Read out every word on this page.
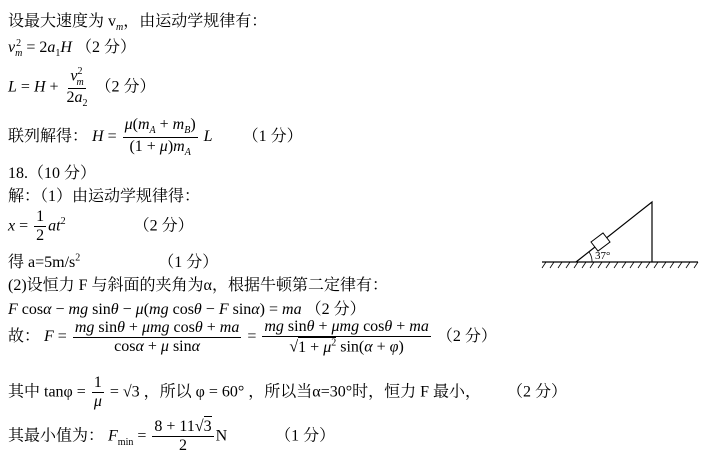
设最大速度为 $v_m$，由运动学规律有：
$v^2_m = 2a_1H$ （2 分）
$L = H + \frac{v^2_m}{2a_2} (2$ 分）
联列解得： $H = \frac{\mu(m_A + m_B)}{(1 + \mu)m_A}$ L （1 分）
18.（10 分）
解：（1）由运动学规律得：
$x = \frac{1}{2} at^2$	（2 分）
得 $a=5m/s^2$	（1 分）
(2)设恒力 F 与斜面的夹角为α，根据牛顿第二定律有：
F cosα − mg sinθ − μ(mg cosθ − F sinα) = ma （2 分）
故： $F = \frac{\text{mg sinθ + μmg cosθ + ma}}{\text{cosα + μ sinα}} = \frac{\text{mg sinθ + μmg cosθ + ma}}{√1 + \mu^2 \sin(\alpha + \varphi)} (2$ 分）
其中 $\tan\varphi = \frac{1}{\mu} = √3$ ，所以 φ = 60° ，所以当α=30°时，恒力 F 最小， （2 分）
其最小值为： $F_{min} = \frac{8 + 11√3}{2}$ N	（1 分）
37°
